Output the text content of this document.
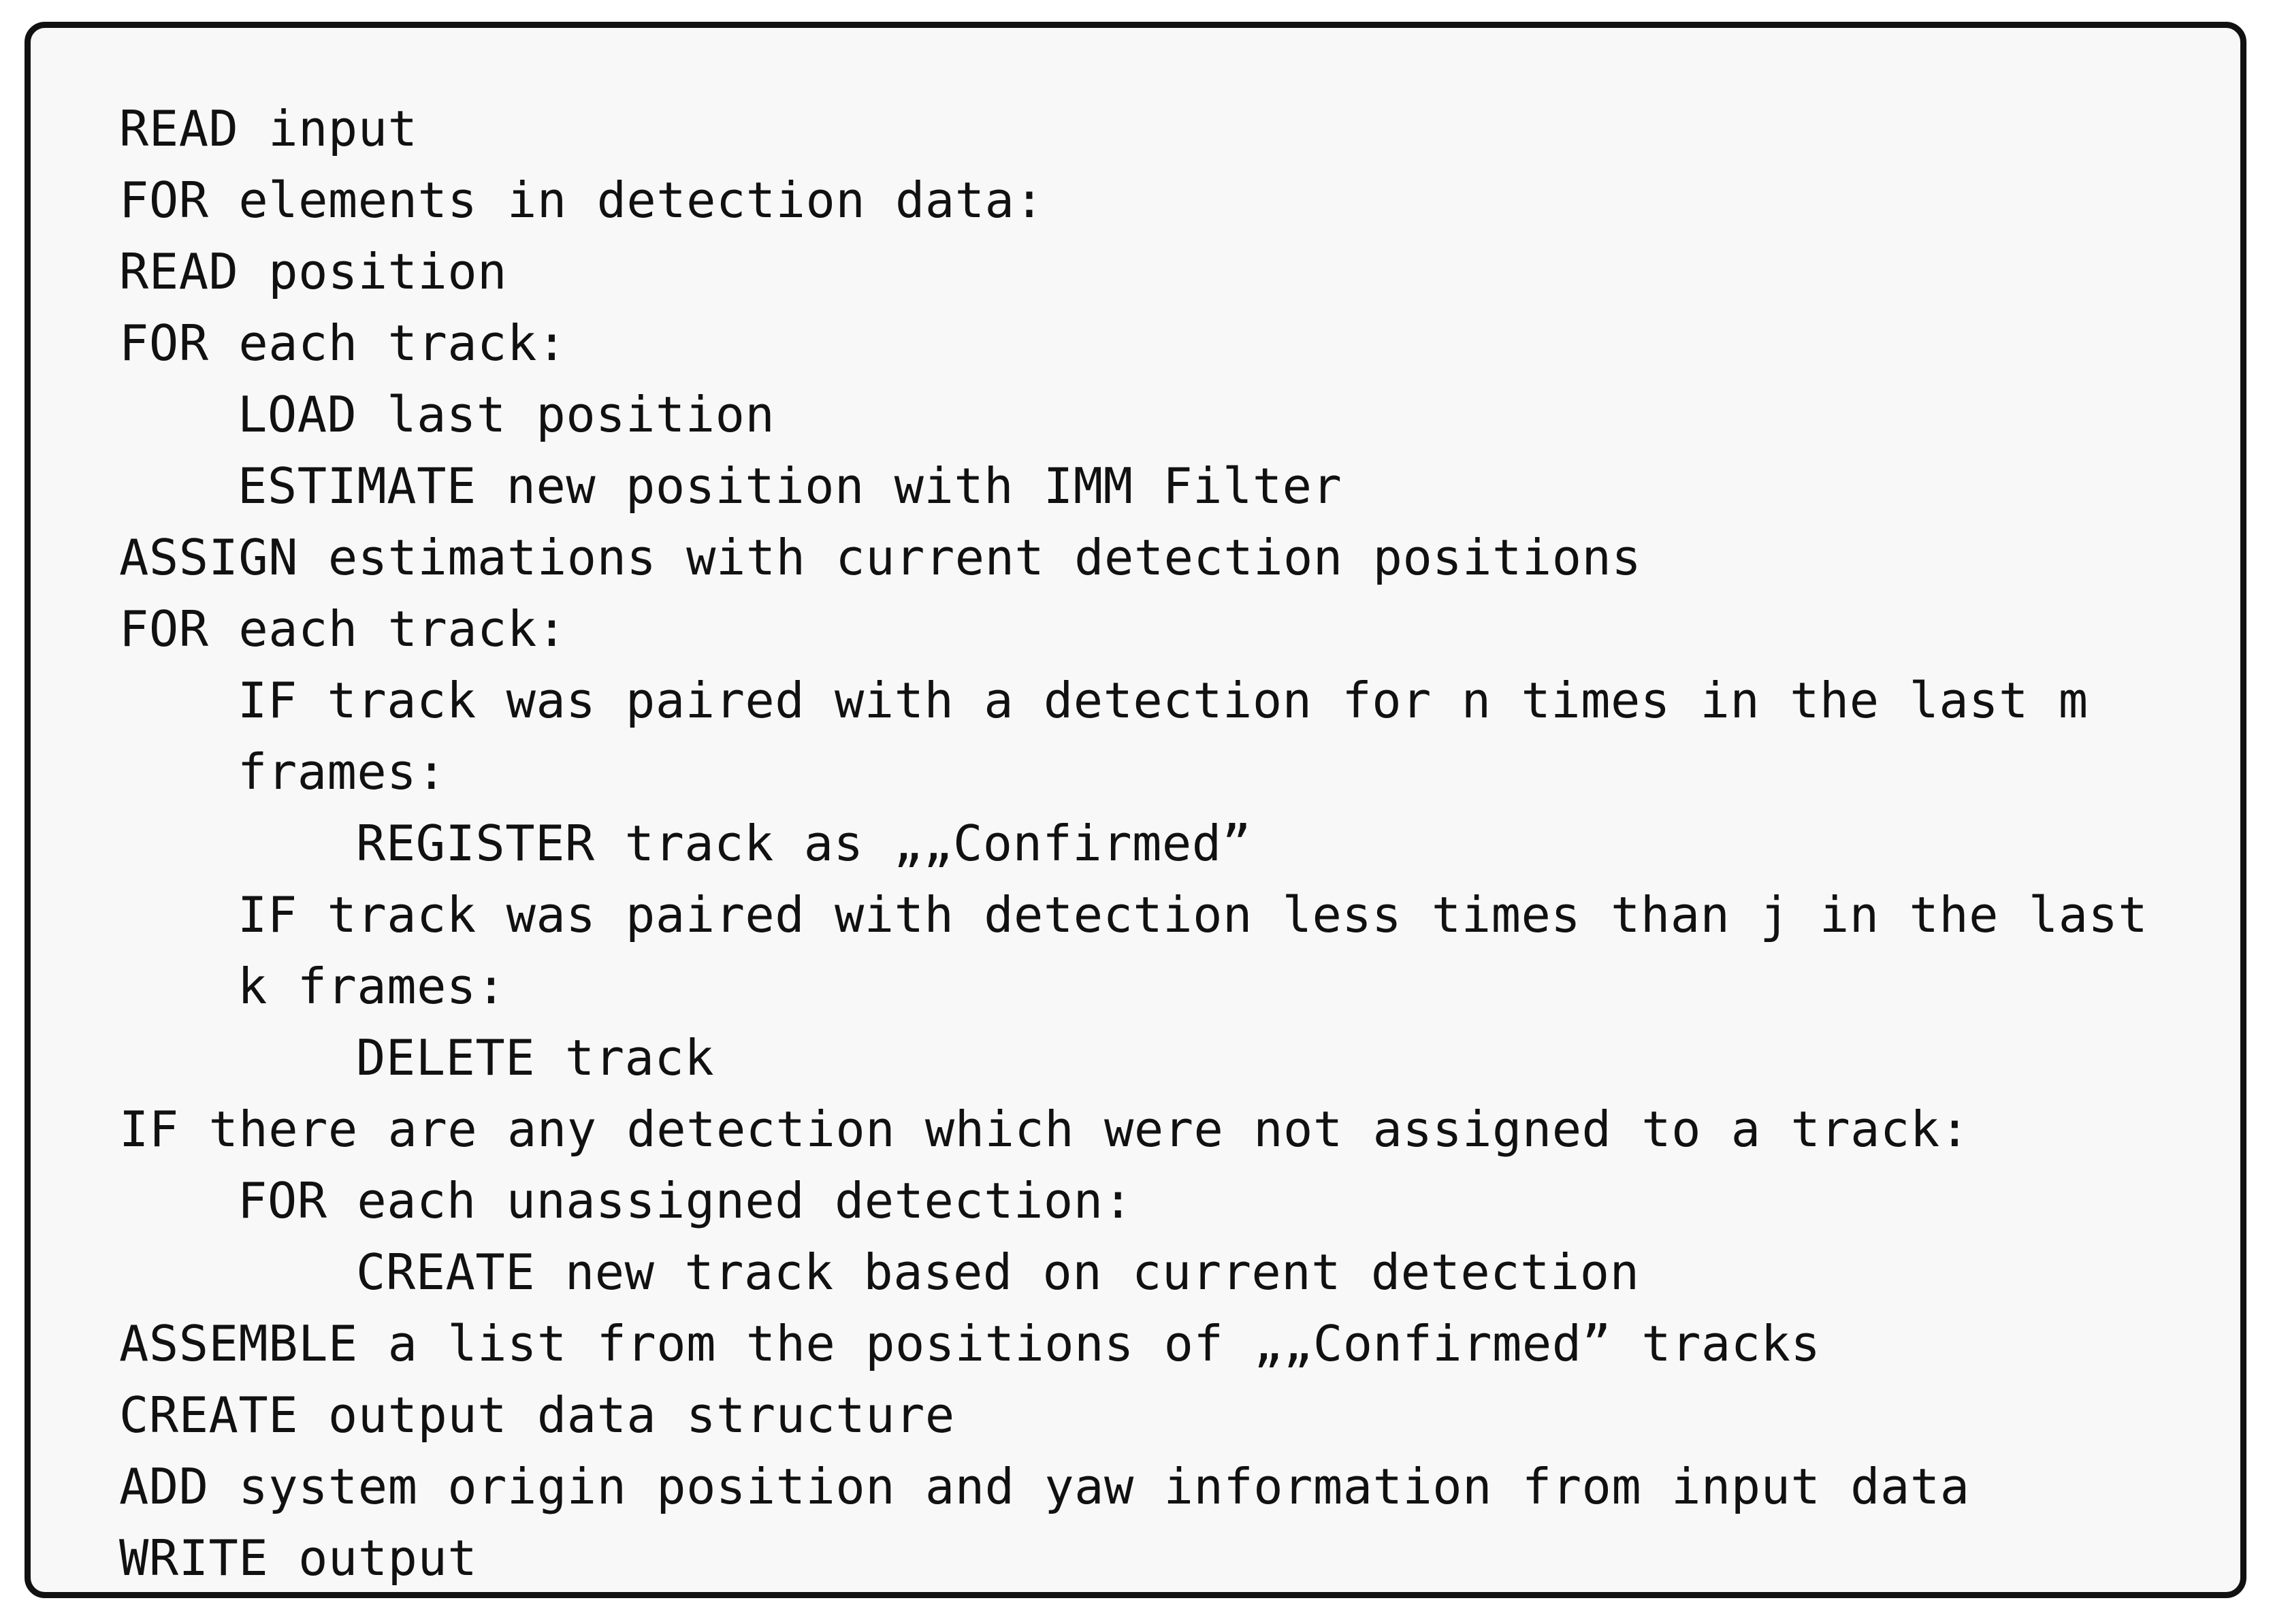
READ input
FOR elements in detection data:
READ position
FOR each track:
LOAD last position
ESTIMATE new position with IMM Filter
ASSIGN estimations with current detection positions
FOR each track:
IF track was paired with a detection for n times in the last m
frames:
REGISTER track as „„Confirmed”
IF track was paired with detection less times than j in the last
k frames:
DELETE track
IF there are any detection which were not assigned to a track:
FOR each unassigned detection:
CREATE new track based on current detection
ASSEMBLE a list from the positions of „„Confirmed” tracks
CREATE output data structure
ADD system origin position and yaw information from input data
WRITE output
